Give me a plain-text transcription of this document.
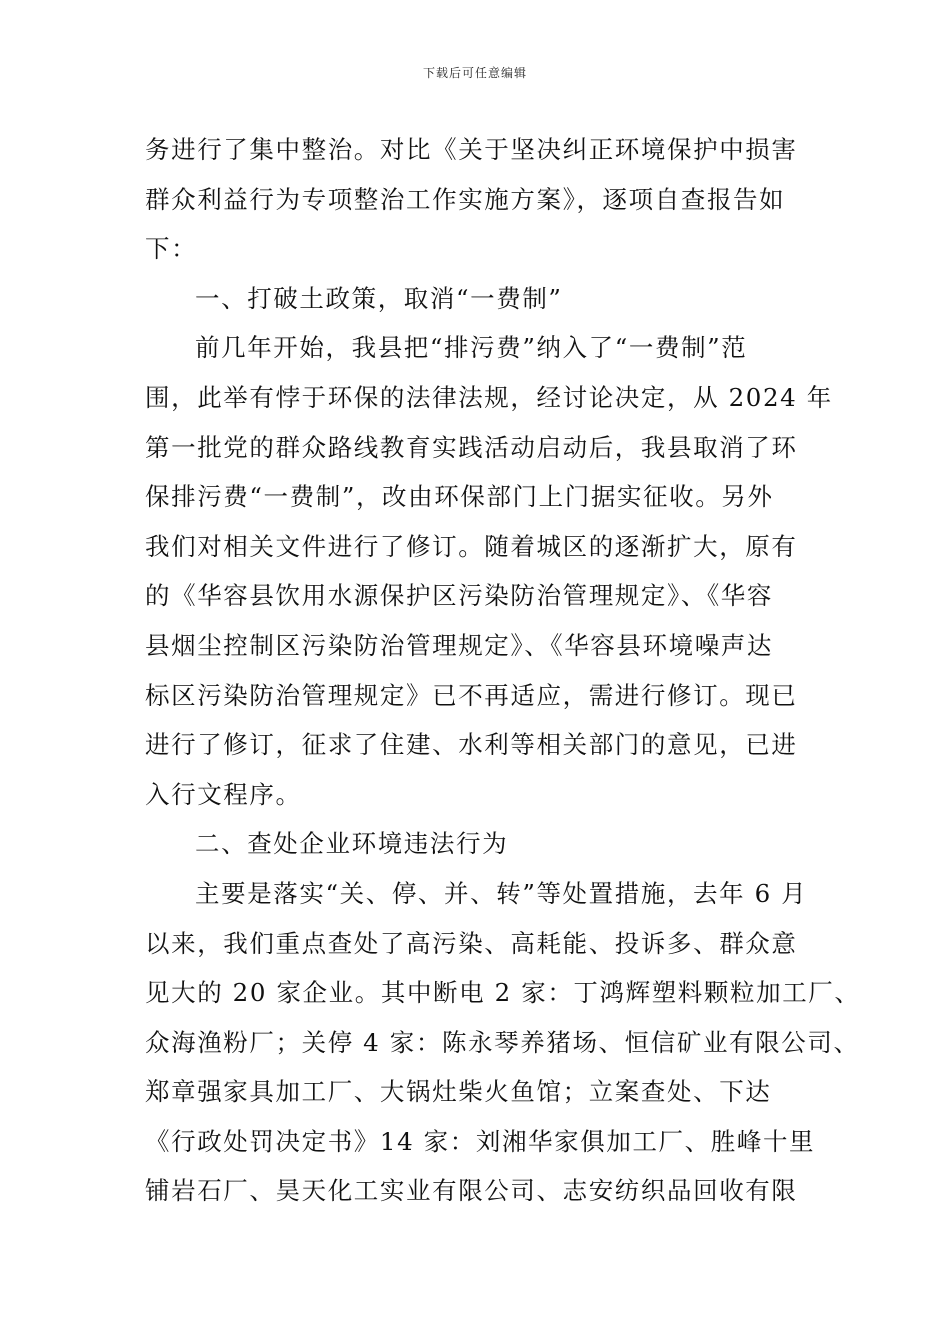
下载后可任意编辑
务进行了集中整治。对比《关于坚决纠正环境保护中损害
群众利益行为专项整治工作实施方案》，逐项自查报告如
下：
一、打破土政策，取消“一费制”
前几年开始，我县把“排污费”纳入了“一费制”范
围，此举有悖于环保的法律法规，经讨论决定，从 2024 年
第一批党的群众路线教育实践活动启动后，我县取消了环
保排污费“一费制”，改由环保部门上门据实征收。另外
我们对相关文件进行了修订。随着城区的逐渐扩大，原有
的《华容县饮用水源保护区污染防治管理规定》、《华容
县烟尘控制区污染防治管理规定》、《华容县环境噪声达
标区污染防治管理规定》已不再适应，需进行修订。现已
进行了修订，征求了住建、水利等相关部门的意见，已进
入行文程序。
二、查处企业环境违法行为
主要是落实“关、停、并、转”等处置措施，去年 6 月
以来，我们重点查处了高污染、高耗能、投诉多、群众意
见大的 20 家企业。其中断电 2 家：丁鸿辉塑料颗粒加工厂、
众海渔粉厂；关停 4 家：陈永琴养猪场、恒信矿业有限公司、
郑章强家具加工厂、大锅灶柴火鱼馆；立案查处、下达
《行政处罚决定书》14 家：刘湘华家俱加工厂、胜峰十里
铺岩石厂、昊天化工实业有限公司、志安纺织品回收有限
